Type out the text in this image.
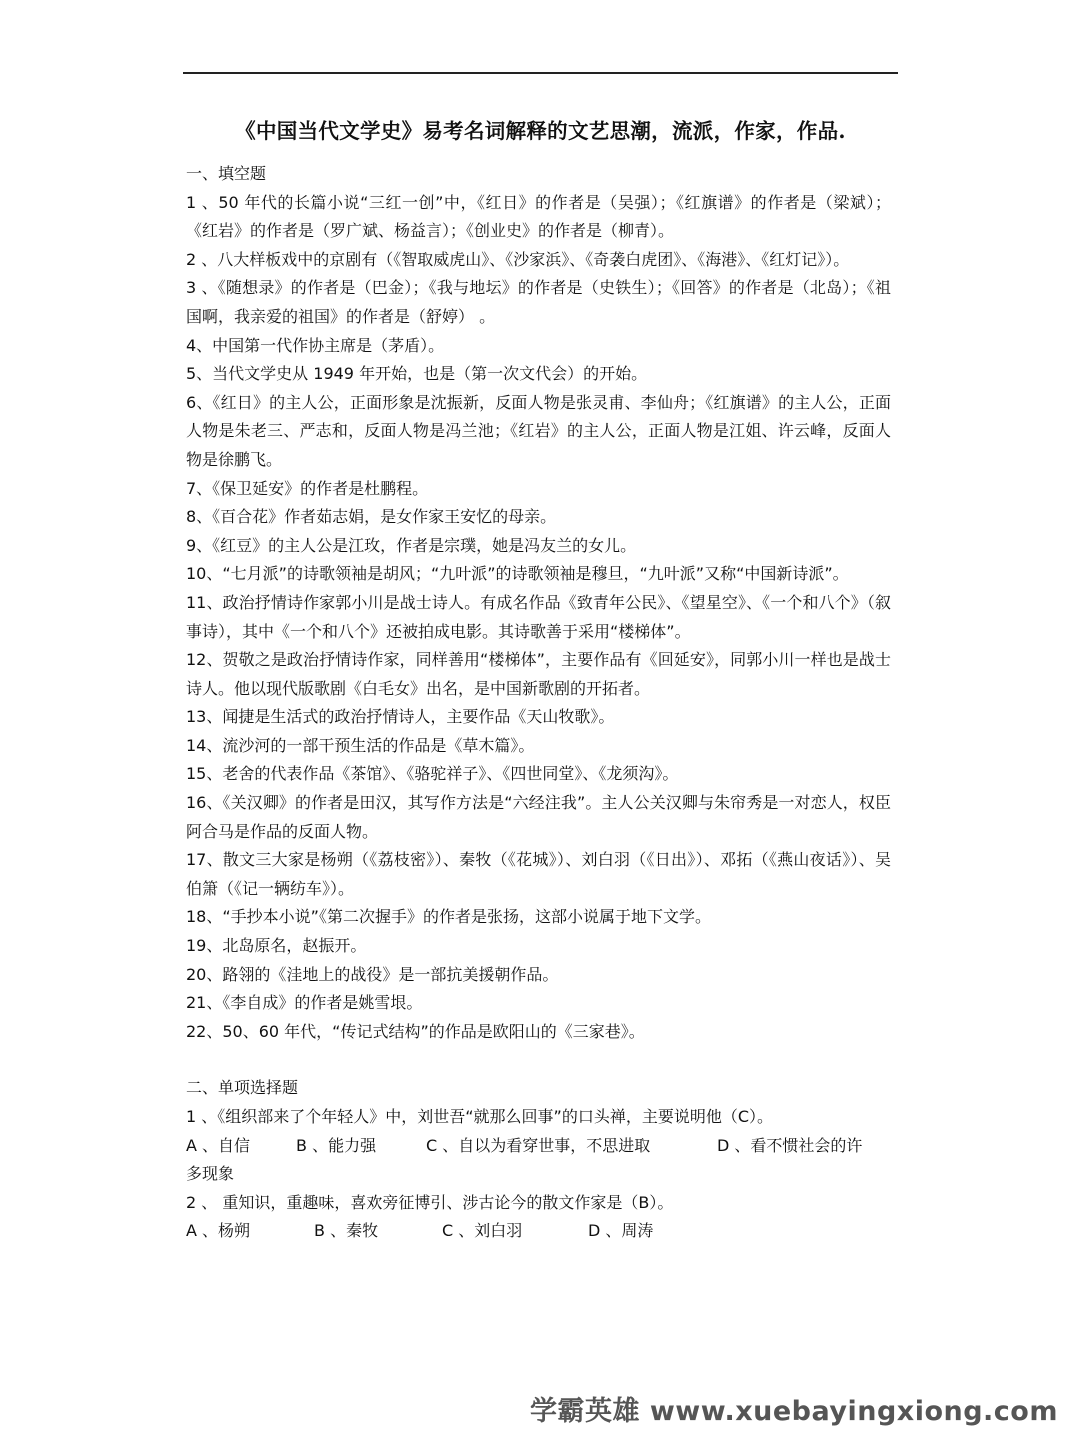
《中国当代文学史》易考名词解释的文艺思潮，流派，作家，作品.

一、填空题

1 、50 年代的长篇小说“三红一创”中，《红日》的作者是（吴强）；《红旗谱》的作者是（梁斌）；《红岩》的作者是（罗广斌、杨益言）；《创业史》的作者是（柳青）。

2 、八大样板戏中的京剧有（《智取威虎山》、《沙家浜》、《奇袭白虎团》、《海港》、《红灯记》）。

3 、《随想录》的作者是（巴金）；《我与地坛》的作者是（史铁生）；《回答》的作者是（北岛）；《祖国啊，我亲爱的祖国》的作者是（舒婷） 。

4、中国第一代作协主席是（茅盾）。

5、当代文学史从 1949 年开始，也是（第一次文代会）的开始。

6、《红日》的主人公，正面形象是沈振新，反面人物是张灵甫、李仙舟；《红旗谱》的主人公，正面人物是朱老三、严志和，反面人物是冯兰池；《红岩》的主人公，正面人物是江姐、许云峰，反面人物是徐鹏飞。

7、《保卫延安》的作者是杜鹏程。

8、《百合花》作者茹志娟，是女作家王安忆的母亲。

9、《红豆》的主人公是江玫，作者是宗璞，她是冯友兰的女儿。

10、“七月派”的诗歌领袖是胡风；“九叶派”的诗歌领袖是穆旦，“九叶派”又称“中国新诗派”。

11、政治抒情诗作家郭小川是战士诗人。有成名作品《致青年公民》、《望星空》、《一个和八个》（叙事诗），其中《一个和八个》还被拍成电影。其诗歌善于采用“楼梯体”。

12、贺敬之是政治抒情诗作家，同样善用“楼梯体”，主要作品有《回延安》，同郭小川一样也是战士诗人。他以现代版歌剧《白毛女》出名，是中国新歌剧的开拓者。

13、闻捷是生活式的政治抒情诗人，主要作品《天山牧歌》。

14、流沙河的一部干预生活的作品是《草木篇》。

15、老舍的代表作品《茶馆》、《骆驼祥子》、《四世同堂》、《龙须沟》。

16、《关汉卿》的作者是田汉，其写作方法是“六经注我”。主人公关汉卿与朱帘秀是一对恋人，权臣阿合马是作品的反面人物。

17、散文三大家是杨朔（《荔枝密》）、秦牧（《花城》）、刘白羽（《日出》）、邓拓（《燕山夜话》）、吴伯箫（《记一辆纺车》）。

18、“手抄本小说”《第二次握手》的作者是张扬，这部小说属于地下文学。

19、北岛原名，赵振开。

20、路翎的《洼地上的战役》是一部抗美援朝作品。

21、《李自成》的作者是姚雪垠。

22、50、60 年代，“传记式结构”的作品是欧阳山的《三家巷》。

二、单项选择题

1 、《组织部来了个年轻人》中，刘世吾“就那么回事”的口头禅，主要说明他（C）。

A 、自信	B 、能力强	C 、自以为看穿世事，不思进取	D 、看不惯社会的许

多现象

2 、 重知识，重趣味，喜欢旁征博引、涉古论今的散文作家是（B）。

A 、杨朔	B 、秦牧	C 、刘白羽	D 、周涛
学霸英雄 www.xuebayingxiong.com
